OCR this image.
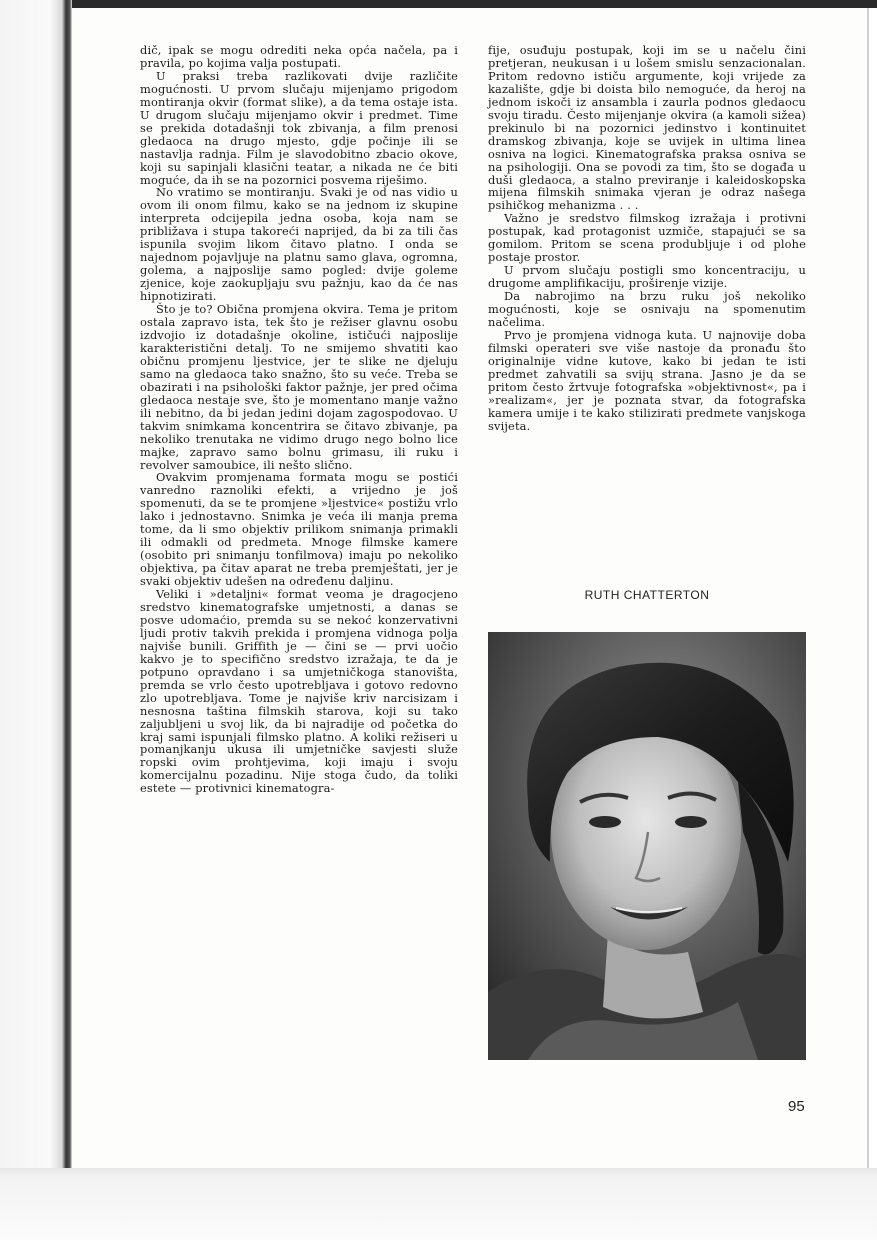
dič, ipak se mogu odrediti neka opća načela, pa i pravila, po kojima valja postupati.

U praksi treba razlikovati dvije različite mogućnosti. U prvom slučaju mijenjamo prigodom montiranja okvir (format slike), a da tema ostaje ista. U drugom slučaju mijenjamo okvir i predmet. Time se prekida dotadašnji tok zbivanja, a film prenosi gledaoca na drugo mjesto, gdje počinje ili se nastavlja radnja. Film je slavodobitno zbacio okove, koji su sapinjali klasični teatar, a nikada ne će biti moguće, da ih se na pozornici posvema riješimo.

No vratimo se montiranju. Svaki je od nas vidio u ovom ili onom filmu, kako se na jednom iz skupine interpreta odcijepila jedna osoba, koja nam se približava i stupa takoreći naprijed, da bi za tili čas ispunila svojim likom čitavo platno. I onda se najednom pojavljuje na platnu samo glava, ogromna, golema, a najposlije samo pogled: dvije goleme zjenice, koje zaokupljaju svu pažnju, kao da će nas hipnotizirati.

Što je to? Obična promjena okvira. Tema je pritom ostala zapravo ista, tek što je režiser glavnu osobu izdvojio iz dotadašnje okoline, ističući najposlije karakteristični detalj. To ne smijemo shvatiti kao običnu promjenu ljestvice, jer te slike ne djeluju samo na gledaoca tako snažno, što su veće. Treba se obazirati i na psihološki faktor pažnje, jer pred očima gledaoca nestaje sve, što je momentano manje važno ili nebitno, da bi jedan jedini dojam zagospodovao. U takvim snimkama koncentrira se čitavo zbivanje, pa nekoliko trenutaka ne vidimo drugo nego bolno lice majke, zapravo samo bolnu grimasu, ili ruku i revolver samoubice, ili nešto slično.

Ovakvim promjenama formata mogu se postići vanredno raznoliki efekti, a vrijedno je još spomenuti, da se te promjene »ljestvice« postižu vrlo lako i jednostavno. Snimka je veća ili manja prema tome, da li smo objektiv prilikom snimanja primakli ili odmakli od predmeta. Mnoge filmske kamere (osobito pri snimanju tonfilmova) imaju po nekoliko objektiva, pa čitav aparat ne treba premještati, jer je svaki objektiv udešen na određenu daljinu.

Veliki i »detaljni« format veoma je dragocjeno sredstvo kinematografske umjetnosti, a danas se posve udomaćio, premda su se nekoć konzervativni ljudi protiv takvih prekida i promjena vidnoga polja najviše bunili. Griffith je — čini se — prvi uočio kakvo je to specifično sredstvo izražaja, te da je potpuno opravdano i sa umjetničkoga stanovišta, premda se vrlo često upotrebljava i gotovo redovno zlo upotrebljava. Tome je najviše kriv narcisizam i nesnosna taština filmskih starova, koji su tako zaljubljeni u svoj lik, da bi najradije od početka do kraj sami ispunjali filmsko platno. A koliki režiseri u pomanjkanju ukusa ili umjetničke savjesti služe ropski ovim prohtjevima, koji imaju i svoju komercijalnu pozadinu. Nije stoga čudo, da toliki estete — protivnici kinematogra-

fije, osuđuju postupak, koji im se u načelu čini pretjeran, neukusan i u lošem smislu senzacionalan. Pritom redovno ističu argumente, koji vrijede za kazalište, gdje bi doista bilo nemoguće, da heroj na jednom iskoči iz ansambla i zaurla podnos gledaocu svoju tiradu. Često mijenjanje okvira (a kamoli sižea) prekinulo bi na pozornici jedinstvo i kontinuitet dramskog zbivanja, koje se uvijek in ultima linea osniva na logici. Kinematografska praksa osniva se na psihologiji. Ona se povodi za tim, što se događa u duši gledaoca, a stalno previranje i kaleidoskopska mijena filmskih snimaka vjeran je odraz našega psihičkog mehanizma . . .

Važno je sredstvo filmskog izražaja i protivni postupak, kad protagonist uzmiče, stapajući se sa gomilom. Pritom se scena produbljuje i od plohe postaje prostor.

U prvom slučaju postigli smo koncentraciju, u drugome amplifikaciju, proširenje vizije.

Da nabrojimo na brzu ruku još nekoliko mogućnosti, koje se osnivaju na spomenutim načelima.

Prvo je promjena vidnoga kuta. U najnovije doba filmski operateri sve više nastoje da pronađu što originalnije vidne kutove, kako bi jedan te isti predmet zahvatili sa svijų strana. Jasno je da se pritom često žrtvuje fotografska »objektivnost«, pa i »realizam«, jer je poznata stvar, da fotografska kamera umije i te kako stilizirati predmete vanjskoga svijeta.

RUTH CHATTERTON
95
